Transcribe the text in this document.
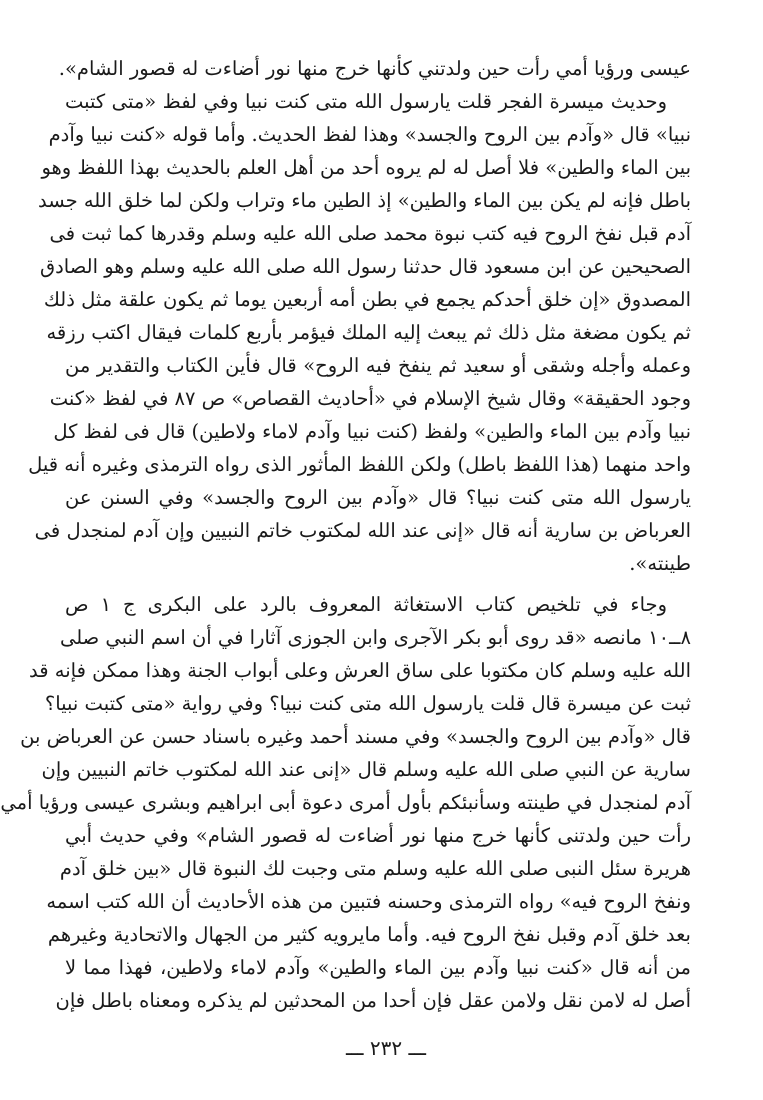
عيسى ورؤيا أمي رأت حين ولدتني كأنها خرج منها نور أضاءت له قصور الشام».
وحديث ميسرة الفجر قلت يارسول الله متى كنت نبيا وفي لفظ «متى كتبت
نبيا» قال «وآدم بين الروح والجسد» وهذا لفظ الحديث. وأما قوله «كنت نبيا وآدم
بين الماء والطين» فلا أصل له لم يروه أحد من أهل العلم بالحديث بهذا اللفظ وهو
باطل فإنه لم يكن بين الماء والطين» إذ الطين ماء وتراب ولكن لما خلق الله جسد
آدم قبل نفخ الروح فيه كتب نبوة محمد صلى الله عليه وسلم وقدرها كما ثبت فى
الصحيحين عن ابن مسعود قال حدثنا رسول الله صلى الله عليه وسلم وهو الصادق
المصدوق «إن خلق أحدكم يجمع في بطن أمه أربعين يوما ثم يكون علقة مثل ذلك
ثم يكون مضغة مثل ذلك ثم يبعث إليه الملك فيؤمر بأربع كلمات فيقال اكتب رزقه
وعمله وأجله وشقى أو سعيد ثم ينفخ فيه الروح» قال فأين الكتاب والتقدير من
وجود الحقيقة» وقال شيخ الإسلام في «أحاديث القصاص» ص ٨٧ في لفظ «كنت
نبيا وآدم بين الماء والطين» ولفظ (كنت نبيا وآدم لاماء ولاطين) قال فى لفظ كل
واحد منهما (هذا اللفظ باطل) ولكن اللفظ المأثور الذى رواه الترمذى وغيره أنه قيل
يارسول الله متى كنت نبيا؟ قال «وآدم بين الروح والجسد» وفي السنن عن
العرباض بن سارية أنه قال «إنى عند الله لمكتوب خاتم النبيين وإن آدم لمنجدل فى
طينته».
وجاء في تلخيص كتاب الاستغاثة المعروف بالرد على البكرى ج ١ ص
٨ــ١٠ مانصه «قد روى أبو بكر الآجرى وابن الجوزى آثارا في أن اسم النبي صلى
الله عليه وسلم كان مكتوبا على ساق العرش وعلى أبواب الجنة وهذا ممكن فإنه قد
ثبت عن ميسرة قال قلت يارسول الله متى كنت نبيا؟ وفي رواية «متى كتبت نبيا؟
قال «وآدم بين الروح والجسد» وفي مسند أحمد وغيره باسناد حسن عن العرباض بن
سارية عن النبي صلى الله عليه وسلم قال «إنى عند الله لمكتوب خاتم النبيين وإن
آدم لمنجدل في طينته وسأنبئكم بأول أمرى دعوة أبى ابراهيم وبشرى عيسى ورؤيا أمي
رأت حين ولدتنى كأنها خرج منها نور أضاءت له قصور الشام» وفي حديث أبي
هريرة سئل النبى صلى الله عليه وسلم متى وجبت لك النبوة قال «بين خلق آدم
ونفخ الروح فيه» رواه الترمذى وحسنه فتبين من هذه الأحاديث أن الله كتب اسمه
بعد خلق آدم وقبل نفخ الروح فيه. وأما مايرويه كثير من الجهال والاتحادية وغيرهم
من أنه قال «كنت نبيا وآدم بين الماء والطين» وآدم لاماء ولاطين، فهذا مما لا
أصل له لامن نقل ولامن عقل فإن أحدا من المحدثين لم يذكره ومعناه باطل فإن
ـــ ٢٣٢ ـــ
